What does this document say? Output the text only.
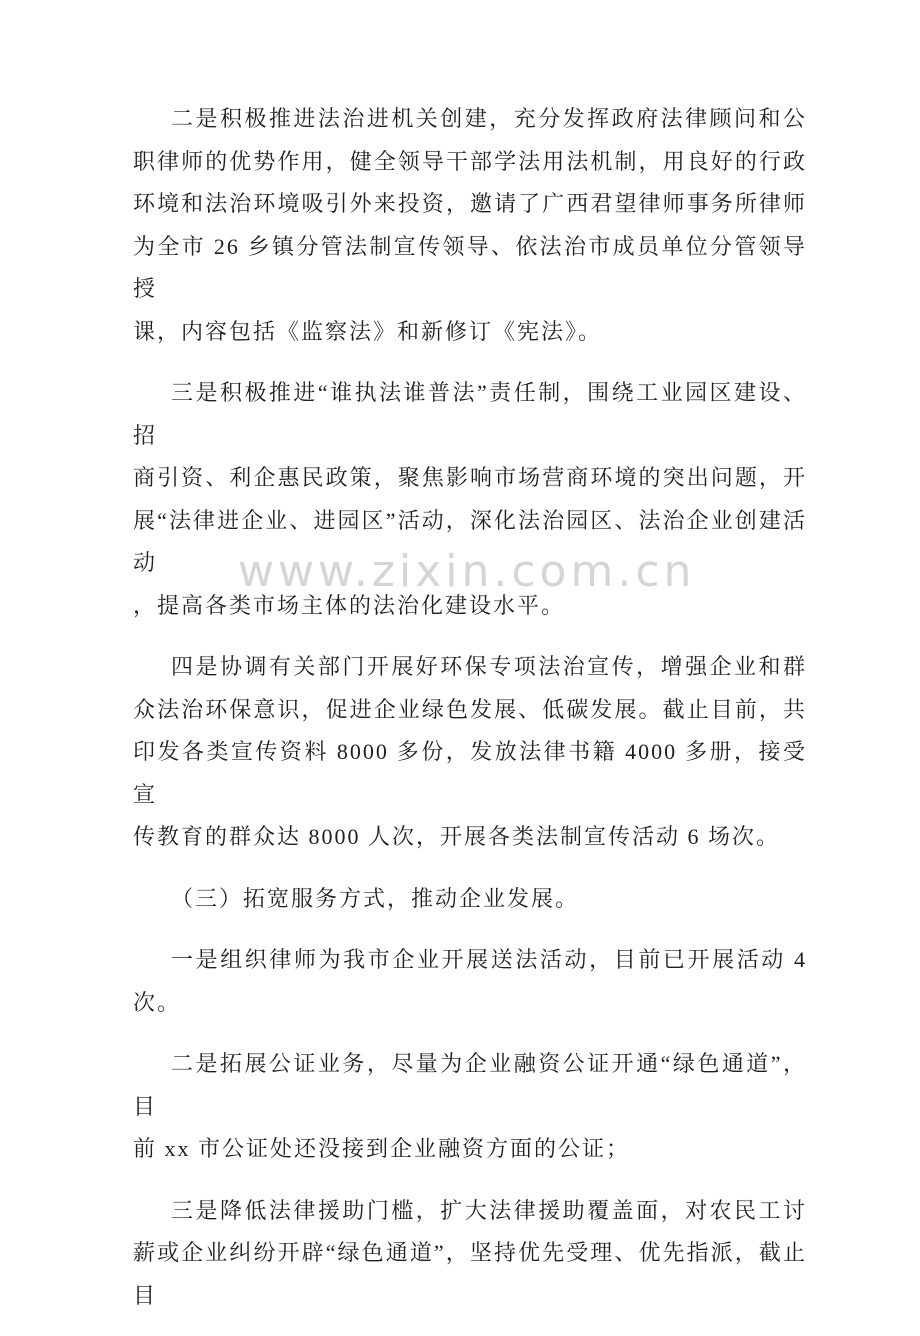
www.zixin.com.cn
二是积极推进法治进机关创建，充分发挥政府法律顾问和公
职律师的优势作用，健全领导干部学法用法机制，用良好的行政
环境和法治环境吸引外来投资，邀请了广西君望律师事务所律师
为全市 26 乡镇分管法制宣传领导、依法治市成员单位分管领导授
课，内容包括《监察法》和新修订《宪法》。
三是积极推进“谁执法谁普法”责任制，围绕工业园区建设、招
商引资、利企惠民政策，聚焦影响市场营商环境的突出问题，开
展“法律进企业、进园区”活动，深化法治园区、法治企业创建活动
，提高各类市场主体的法治化建设水平。
四是协调有关部门开展好环保专项法治宣传，增强企业和群
众法治环保意识，促进企业绿色发展、低碳发展。截止目前，共
印发各类宣传资料 8000 多份，发放法律书籍 4000 多册，接受宣
传教育的群众达 8000 人次，开展各类法制宣传活动 6 场次。
（三）拓宽服务方式，推动企业发展。
一是组织律师为我市企业开展送法活动，目前已开展活动 4
次。
二是拓展公证业务，尽量为企业融资公证开通“绿色通道”，目
前 xx 市公证处还没接到企业融资方面的公证；
三是降低法律援助门槛，扩大法律援助覆盖面，对农民工讨
薪或企业纠纷开辟“绿色通道”，坚持优先受理、优先指派，截止目
